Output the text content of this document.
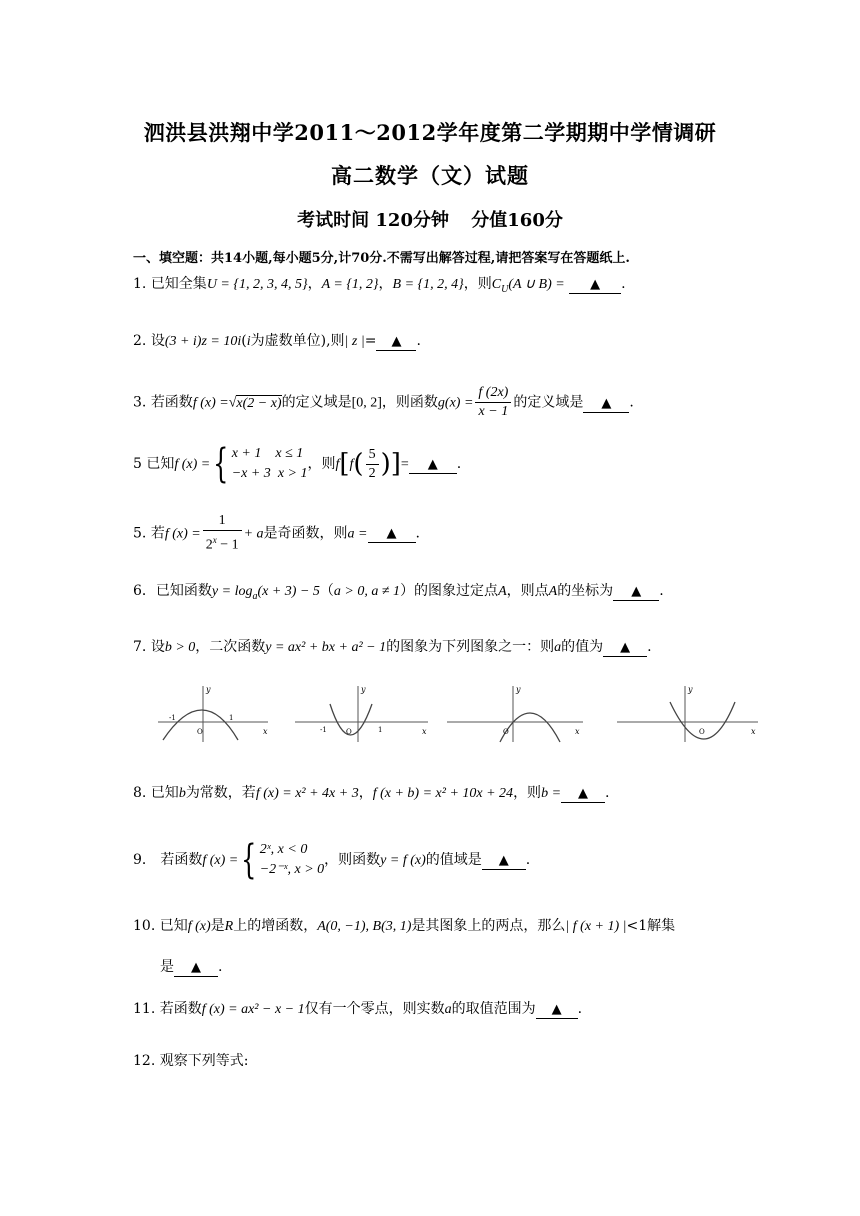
泗洪县洪翔中学2011～2012学年度第二学期期中学情调研
高二数学（文）试题
考试时间 120分钟 分值160分
一、填空题：共14小题,每小题5分,计70分.不需写出解答过程,请把答案写在答题纸上.
1. 已知全集U = {1, 2, 3, 4, 5}，A = {1, 2}，B = {1, 2, 4}，则$C_U(A$ ∪ B) = ▲ .
2. 设(3 + i)z = 10i(i为虚数单位),则| z |= ▲ .
3. 若函数f (x) =√x(2 − x)的定义域是[0, 2]，则函数$g(x) = \frac{f (2x)}{x - 1}$ 的定义域是 ▲ .
5 已知f (x) ={ x + 1 x ≤ 1
−x + 3 x > 1
，则$f[f( \frac{5}{2}$ )]= ▲ .
5. 若f $(x) = \frac{1}{2^x - 1} + a$是奇函数，则a = ▲ .
6．已知函数$y = \log_a(x + 3) - 5(a > 0$, a ≠ 1）的图象过定点A，则点A的坐标为 ▲ .
7. 设b > 0，二次函数y = ax² + bx + a² − 1的图象为下列图象之一：则a的值为 ▲ .
y
x
O
-1	1
y
x
O
-1	1
y
x
O
y
x
O
8. 已知b为常数，若f (x) = x² + 4x + 3，f (x + b) = x² + 10x + 24，则b = ▲ .
9． 若函数f (x) ={ 2ˣ, x < 0
−2⁻ˣ, x > 0
，则函数y = f (x)的值域是 ▲ .
10. 已知f (x)是R上的增函数，A(0, −1), B(3, 1)是其图象上的两点，那么| f (x + 1) |<1解集
是 ▲ .
11. 若函数f (x) = ax² − x − 1仅有一个零点，则实数a的取值范围为 ▲ .
12. 观察下列等式:
